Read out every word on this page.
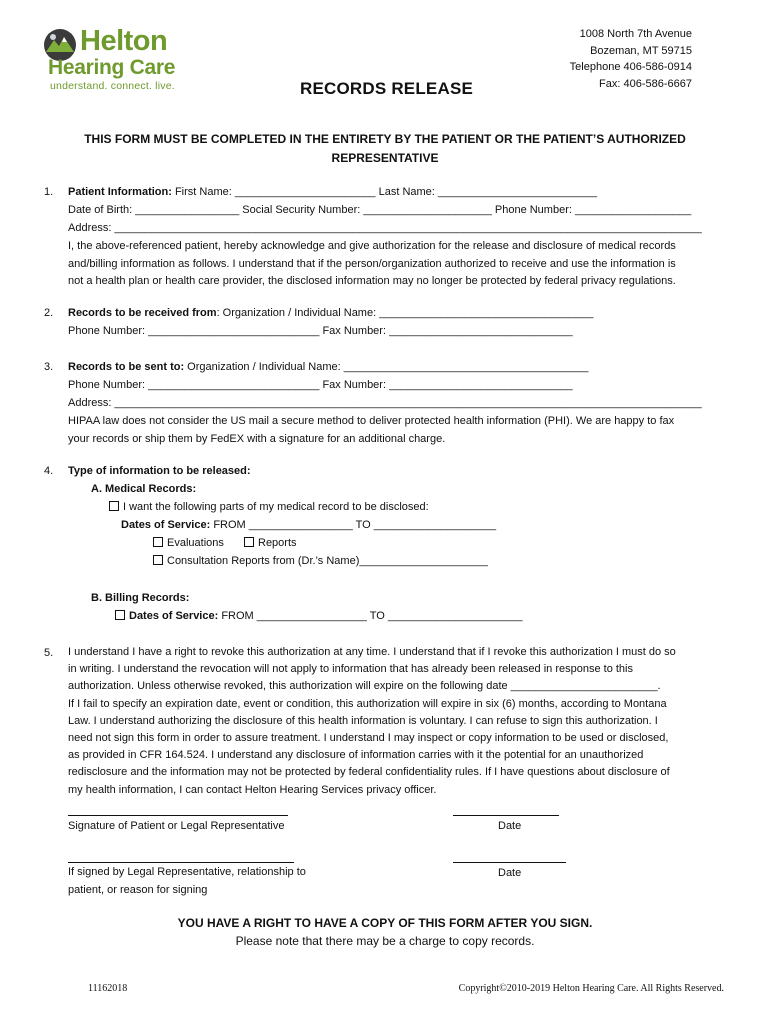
Helton
Hearing Care
understand. connect. live.
1008 North 7th Avenue
Bozeman, MT 59715
Telephone 406-586-0914
Fax: 406-586-6667
RECORDS RELEASE
THIS FORM MUST BE COMPLETED IN THE ENTIRETY BY THE PATIENT OR THE PATIENT’S AUTHORIZED
REPRESENTATIVE
1. Patient Information: First Name: _______________________ Last Name: __________________________
Date of Birth: _________________ Social Security Number: _____________________ Phone Number: ___________________
Address: ________________________________________________________________________________________________
I, the above-referenced patient, hereby acknowledge and give authorization for the release and disclosure of medical records
and/billing information as follows. I understand that if the person/organization authorized to receive and use the information is
not a health plan or health care provider, the disclosed information may no longer be protected by federal privacy regulations.
2. Records to be received from: Organization / Individual Name: ___________________________________
Phone Number: ____________________________ Fax Number: ______________________________
3. Records to be sent to: Organization / Individual Name: ________________________________________
Phone Number: ____________________________ Fax Number: ______________________________
Address: ________________________________________________________________________________________________
HIPAA law does not consider the US mail a secure method to deliver protected health information (PHI). We are happy to fax
your records or ship them by FedEX with a signature for an additional charge.
4. Type of information to be released:
A. Medical Records:
I want the following parts of my medical record to be disclosed:
Dates of Service: FROM _________________ TO ____________________
Evaluations	Reports
Consultation Reports from (Dr.’s Name)_____________________
B. Billing Records:
Dates of Service: FROM __________________ TO ______________________
5. I understand I have a right to revoke this authorization at any time. I understand that if I revoke this authorization I must do so
in writing. I understand the revocation will not apply to information that has already been released in response to this
authorization. Unless otherwise revoked, this authorization will expire on the following date ________________________.
If I fail to specify an expiration date, event or condition, this authorization will expire in six (6) months, according to Montana
Law. I understand authorizing the disclosure of this health information is voluntary. I can refuse to sign this authorization. I
need not sign this form in order to assure treatment. I understand I may inspect or copy information to be used or disclosed,
as provided in CFR 164.524. I understand any disclosure of information carries with it the potential for an unauthorized
redisclosure and the information may not be protected by federal confidentiality rules. If I have questions about disclosure of
my health information, I can contact Helton Hearing Services privacy officer.
Signature of Patient or Legal Representative	Date
If signed by Legal Representative, relationship to
patient, or reason for signing
Date
YOU HAVE A RIGHT TO HAVE A COPY OF THIS FORM AFTER YOU SIGN.
Please note that there may be a charge to copy records.
11162018	Copyright©2010-2019 Helton Hearing Care. All Rights Reserved.
